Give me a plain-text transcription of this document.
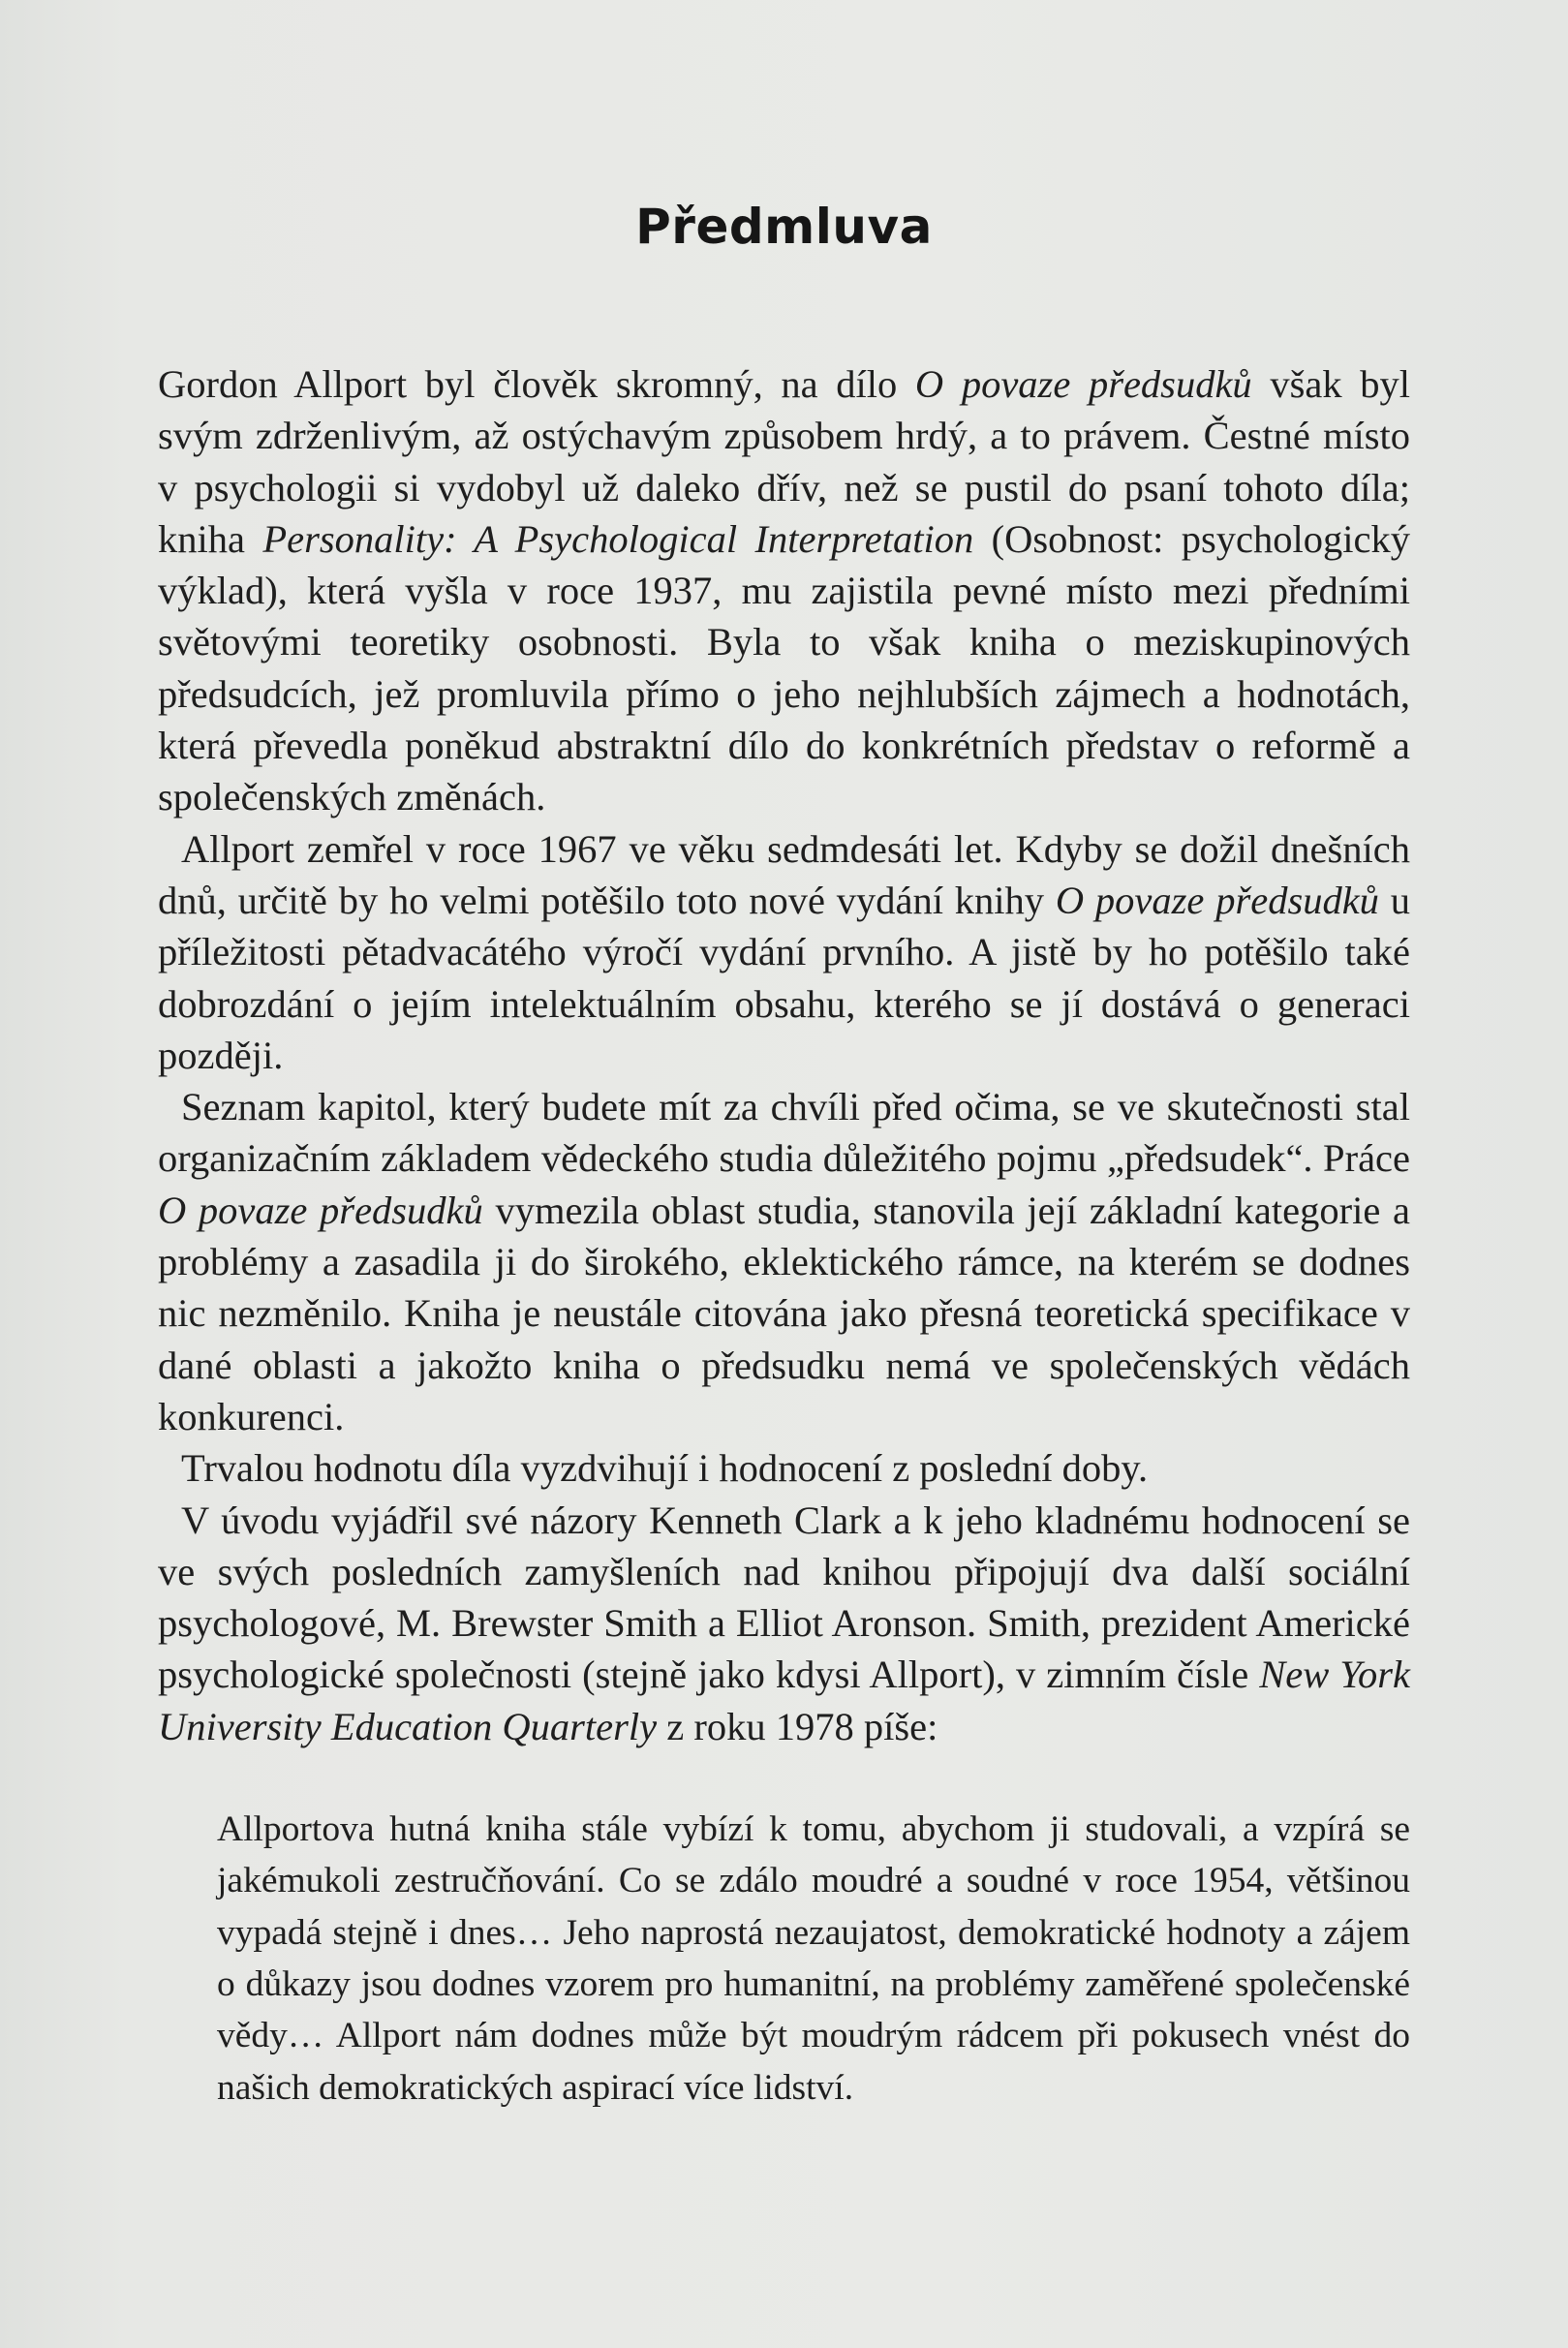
Předmluva

Gordon Allport byl člověk skromný, na dílo O povaze předsudků však byl svým zdrženlivým, až ostýchavým způsobem hrdý, a to právem. Čestné místo v psychologii si vydobyl už daleko dřív, než se pustil do psaní tohoto díla; kniha Personality: A Psychological Interpretation (Osobnost: psychologický výklad), která vyšla v roce 1937, mu zajistila pevné místo mezi předními světovými teoretiky osobnosti. Byla to však kniha o meziskupinových předsudcích, jež promluvila přímo o jeho nejhlubších zájmech a hodnotách, která převedla poněkud abstraktní dílo do konkrétních představ o reformě a společenských změnách.

Allport zemřel v roce 1967 ve věku sedmdesáti let. Kdyby se dožil dnešních dnů, určitě by ho velmi potěšilo toto nové vydání knihy O povaze předsudků u příležitosti pětadvacátého výročí vydání prvního. A jistě by ho potěšilo také dobrozdání o jejím intelektuálním obsahu, kterého se jí dostává o generaci později.

Seznam kapitol, který budete mít za chvíli před očima, se ve skutečnosti stal organizačním základem vědeckého studia důležitého pojmu „předsudek“. Práce O povaze předsudků vymezila oblast studia, stanovila její základní kategorie a problémy a zasadila ji do širokého, eklektického rámce, na kterém se dodnes nic nezměnilo. Kniha je neustále citována jako přesná teoretická specifikace v dané oblasti a jakožto kniha o předsudku nemá ve společenských vědách konkurenci.

Trvalou hodnotu díla vyzdvihují i hodnocení z poslední doby.

V úvodu vyjádřil své názory Kenneth Clark a k jeho kladnému hodnocení se ve svých posledních zamyšleních nad knihou připojují dva další sociální psychologové, M. Brewster Smith a Elliot Aronson. Smith, prezident Americké psychologické společnosti (stejně jako kdysi Allport), v zimním čísle New York University Education Quarterly z roku 1978 píše:

Allportova hutná kniha stále vybízí k tomu, abychom ji studovali, a vzpírá se jakémukoli zestručňování. Co se zdálo moudré a soudné v roce 1954, většinou vypadá stejně i dnes… Jeho naprostá nezaujatost, demokratické hodnoty a zájem o důkazy jsou dodnes vzorem pro humanitní, na problémy zaměřené společenské vědy… Allport nám dodnes může být moudrým rádcem při pokusech vnést do našich demokratických aspirací více lidství.
